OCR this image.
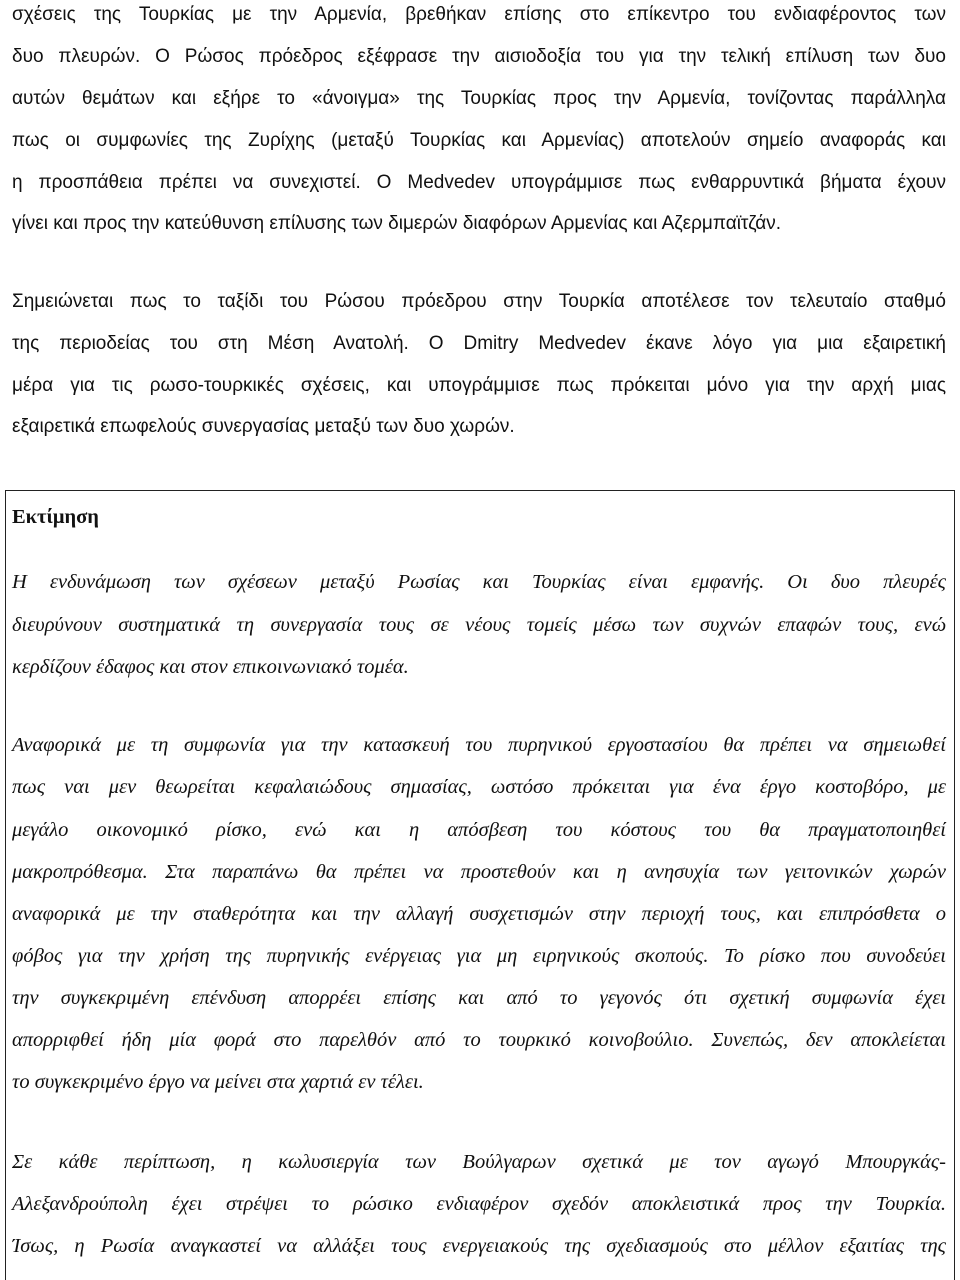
σχέσεις της Τουρκίας με την Αρμενία, βρεθήκαν επίσης στο επίκεντρο του ενδιαφέροντος των

δυο πλευρών. Ο Ρώσος πρόεδρος εξέφρασε την αισιοδοξία του για την τελική επίλυση των δυο

αυτών θεμάτων και εξήρε το «άνοιγμα» της Τουρκίας προς την Αρμενία, τονίζοντας παράλληλα

πως οι συμφωνίες της Ζυρίχης (μεταξύ Τουρκίας και Αρμενίας) αποτελούν σημείο αναφοράς και

η προσπάθεια πρέπει να συνεχιστεί. Ο Medvedev υπογράμμισε πως ενθαρρυντικά βήματα έχουν

γίνει και προς την κατεύθυνση επίλυσης των διμερών διαφόρων Αρμενίας και Αζερμπαϊτζάν.

Σημειώνεται πως το ταξίδι του Ρώσου πρόεδρου στην Τουρκία αποτέλεσε τον τελευταίο σταθμό

της περιοδείας του στη Μέση Ανατολή. Ο Dmitry Medvedev έκανε λόγο για μια εξαιρετική

μέρα για τις ρωσο-τουρκικές σχέσεις, και υπογράμμισε πως πρόκειται μόνο για την αρχή μιας

εξαιρετικά επωφελούς συνεργασίας μεταξύ των δυο χωρών.

Εκτίμηση

Η ενδυνάμωση των σχέσεων μεταξύ Ρωσίας και Τουρκίας είναι εμφανής. Οι δυο πλευρές

διευρύνουν συστηματικά τη συνεργασία τους σε νέους τομείς μέσω των συχνών επαφών τους, ενώ

κερδίζουν έδαφος και στον επικοινωνιακό τομέα.

Αναφορικά με τη συμφωνία για την κατασκευή του πυρηνικού εργοστασίου θα πρέπει να σημειωθεί

πως ναι μεν θεωρείται κεφαλαιώδους σημασίας, ωστόσο πρόκειται για ένα έργο κοστοβόρο, με

μεγάλο οικονομικό ρίσκο, ενώ και η απόσβεση του κόστους του θα πραγματοποιηθεί

μακροπρόθεσμα. Στα παραπάνω θα πρέπει να προστεθούν και η ανησυχία των γειτονικών χωρών

αναφορικά με την σταθερότητα και την αλλαγή συσχετισμών στην περιοχή τους, και επιπρόσθετα ο

φόβος για την χρήση της πυρηνικής ενέργειας για μη ειρηνικούς σκοπούς. Το ρίσκο που συνοδεύει

την συγκεκριμένη επένδυση απορρέει επίσης και από το γεγονός ότι σχετική συμφωνία έχει

απορριφθεί ήδη μία φορά στο παρελθόν από το τουρκικό κοινοβούλιο. Συνεπώς, δεν αποκλείεται

το συγκεκριμένο έργο να μείνει στα χαρτιά εν τέλει.

Σε κάθε περίπτωση, η κωλυσιεργία των Βούλγαρων σχετικά με τον αγωγό Μπουργκάς-

Αλεξανδρούπολη έχει στρέψει το ρώσικο ενδιαφέρον σχεδόν αποκλειστικά προς την Τουρκία.

Ίσως, η Ρωσία αναγκαστεί να αλλάξει τους ενεργειακούς της σχεδιασμούς στο μέλλον εξαιτίας της
